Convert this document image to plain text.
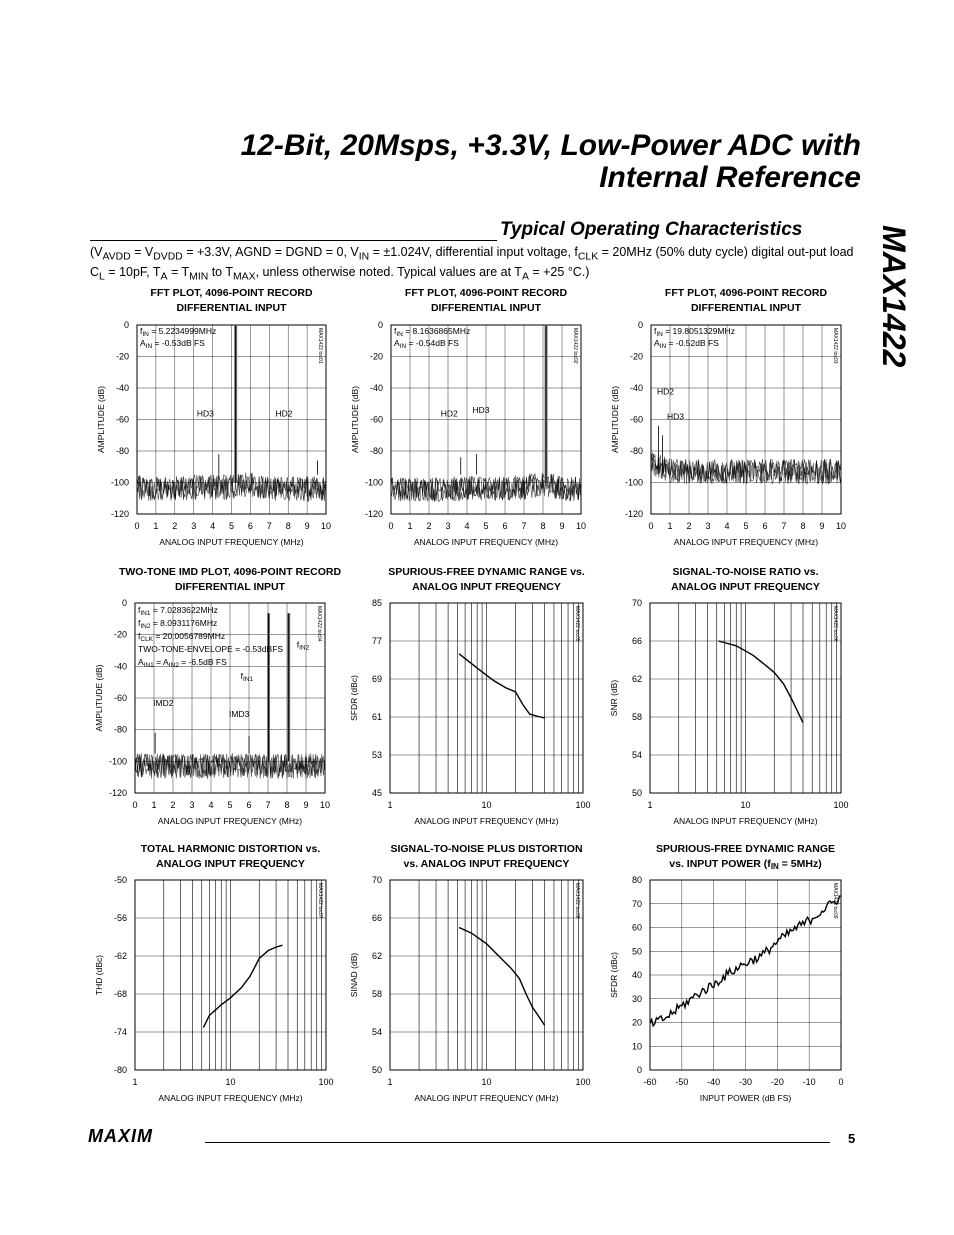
12-Bit, 20Msps, +3.3V, Low-Power ADC with
Internal Reference
Typical Operating Characteristics MAX1422
($V_{AVDD} = V_{DVDD} = +3.3V$, AGND = DGND = 0, $V_{IN} = \pm 1.024V$, differential input voltage, $f_{CLK} = 20MHz$ (50% duty cycle) digital out-put load $C_L = 10pF$, $T_A = T_{MIN}$ to $T_{MAX}$, unless otherwise noted. Typical values are at $T_A = +25$ °C.)
FFT PLOT, 4096-POINT RECORD
DIFFERENTIAL INPUT
0 1 2 3 4 5 6 7 8 9 10
0
-20
-40
-60
-80
-100
-120
ANALOG INPUT FREQUENCY (MHz)
AMPLITUDE (dB)
MAX1422 toc01
$f_{IN} = 5.2234999MHz$
$A_{IN} = -0.53dB$ FS
HD3	HD2
FFT PLOT, 4096-POINT RECORD
DIFFERENTIAL INPUT
0 1 2 3 4 5 6 7 8 9 10
0
-20
-40
-60
-80
-100
-120
ANALOG INPUT FREQUENCY (MHz)
AMPLITUDE (dB)
MAX1422 toc02
$f_{IN} = 8.1636865MHz$
$A_{IN} = -0.54dB$ FS
HD2 HD3
FFT PLOT, 4096-POINT RECORD
DIFFERENTIAL INPUT
0 1 2 3 4 5 6 7 8 9 10
0
-20
-40
-60
-80
-100
-120
ANALOG INPUT FREQUENCY (MHz)
AMPLITUDE (dB)
MAX1422 toc03
$f_{IN} = 19.8051329MHz$
$A_{IN} = -0.52dB$ FS
HD2
HD3
TWO-TONE IMD PLOT, 4096-POINT RECORD
DIFFERENTIAL INPUT
0 1 2 3 4 5 6 7 8 9 10
0
-20
-40
-60
-80
-100
-120
ANALOG INPUT FREQUENCY (MHz)
AMPLITUDE (dB)
MAX1422 toc04
$f_{IN1} = 7.0283622MHz$
$f_{IN2} = 8.0931176MHz$
$f_{CLK} = 20.0056789MHz$
TWO-TONE-ENVELOPE = -0.53dBFS
$A_{IN1} = A_{IN2} = -6.5dB$ FS
$f_{IN2}$
$f_{IN1}$
IMD2
IMD3
SPURIOUS-FREE DYNAMIC RANGE vs.
ANALOG INPUT FREQUENCY
1	10	100
85
77
69
61
53
45
ANALOG INPUT FREQUENCY (MHz)
SFDR (dBc)
MAX1422 toc05
SIGNAL-TO-NOISE RATIO vs.
ANALOG INPUT FREQUENCY
1	10	100
70
66
62
58
54
50
ANALOG INPUT FREQUENCY (MHz)
SNR (dB)
MAX1422 toc06
TOTAL HARMONIC DISTORTION vs.
ANALOG INPUT FREQUENCY
1	10	100
-50
-56
-62
-68
-74
-80
ANALOG INPUT FREQUENCY (MHz)
THD (dBc)
MAX1422 toc07
SIGNAL-TO-NOISE PLUS DISTORTION
vs. ANALOG INPUT FREQUENCY
1	10	100
70
66
62
58
54
50
ANALOG INPUT FREQUENCY (MHz)
SINAD (dB)
MAX1422 toc08
SPURIOUS-FREE DYNAMIC RANGE
vs. INPUT POWER (fIN = 5MHz)
-60 -50 -40 -30 -20 -10	0
80
70
60
50
40
30
20
10
0
INPUT POWER (dB FS)
SFDR (dBc)
MAX1422 toc09
MAXIM	5
